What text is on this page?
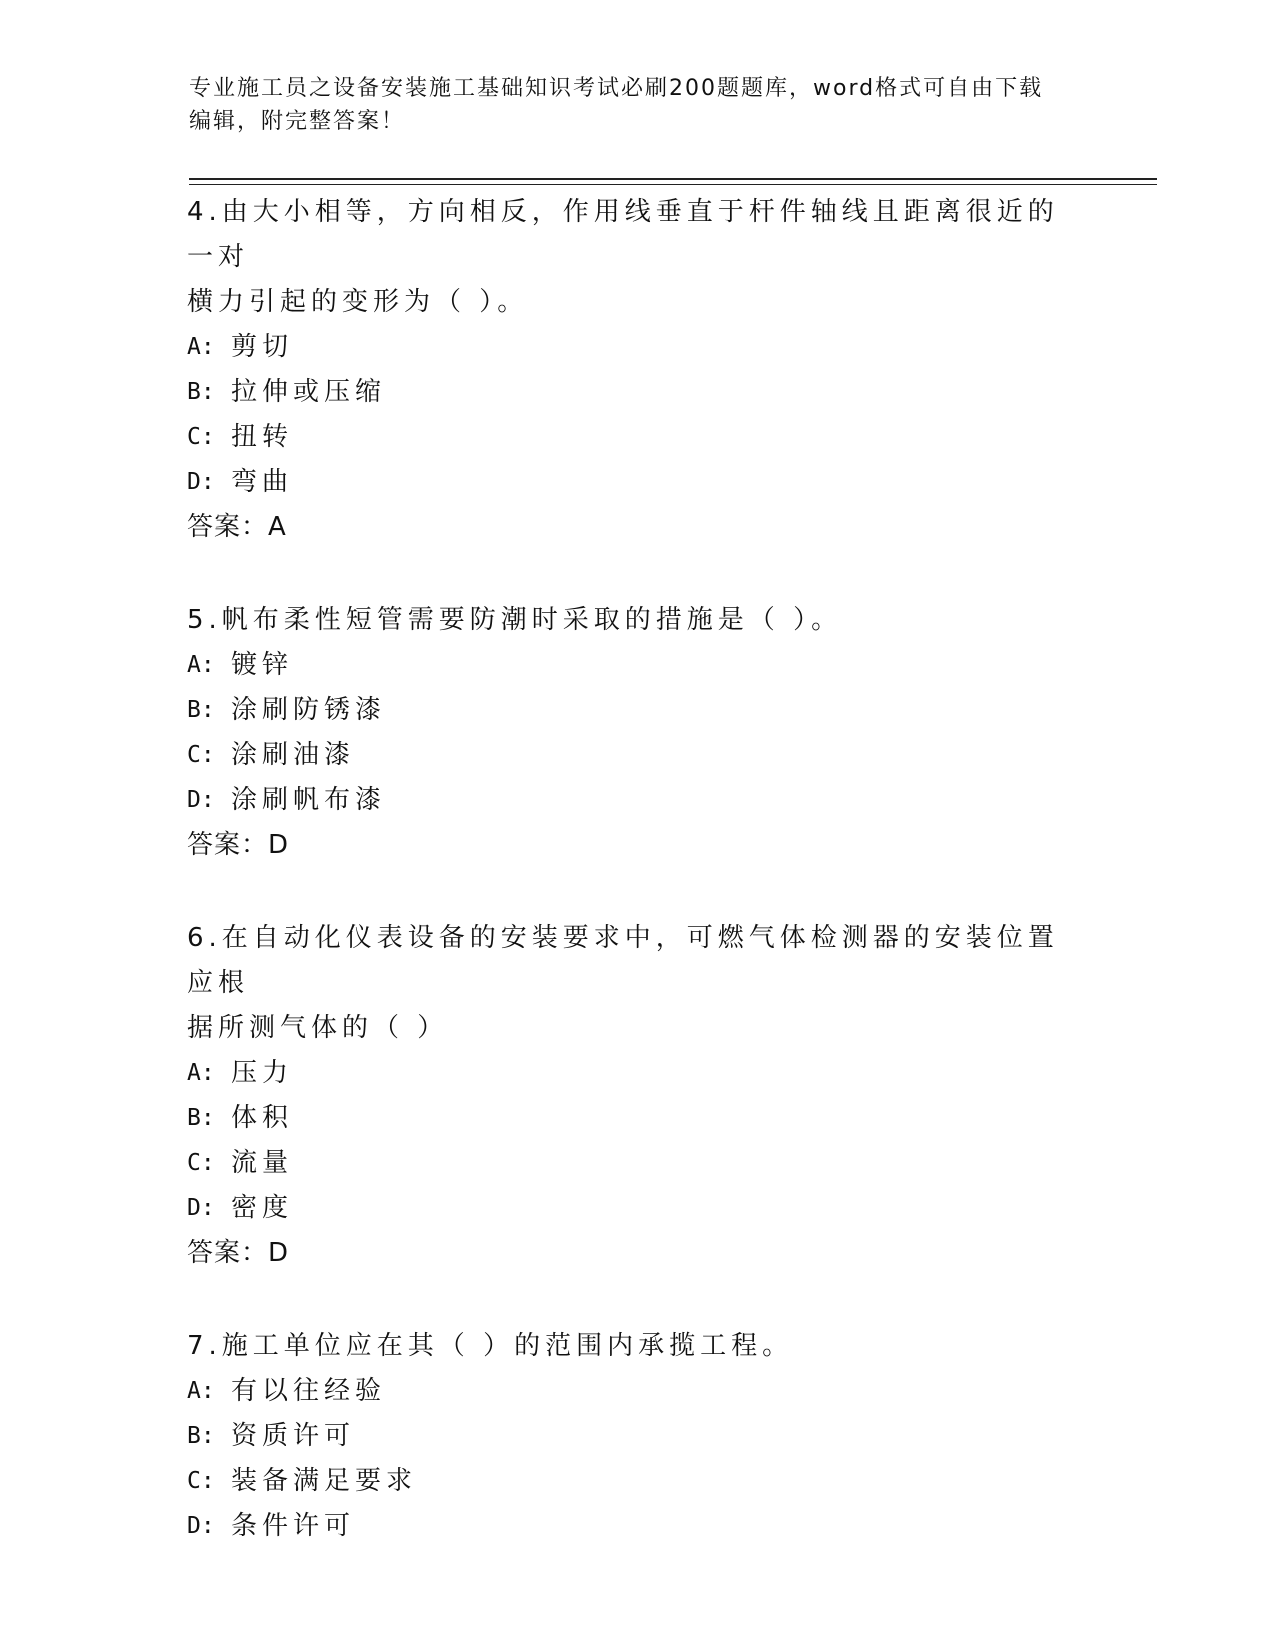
专业施工员之设备安装施工基础知识考试必刷200题题库，word格式可自由下载
编辑，附完整答案！
4.由大小相等，方向相反，作用线垂直于杆件轴线且距离很近的一对
横力引起的变形为（ ）。
A: 剪切
B: 拉伸或压缩
C: 扭转
D: 弯曲
答案：A
5.帆布柔性短管需要防潮时采取的措施是（ ）。
A: 镀锌
B: 涂刷防锈漆
C: 涂刷油漆
D: 涂刷帆布漆
答案：D
6.在自动化仪表设备的安装要求中，可燃气体检测器的安装位置应根
据所测气体的（ ）
A: 压力
B: 体积
C: 流量
D: 密度
答案：D
7.施工单位应在其（ ）的范围内承揽工程。
A: 有以往经验
B: 资质许可
C: 装备满足要求
D: 条件许可
